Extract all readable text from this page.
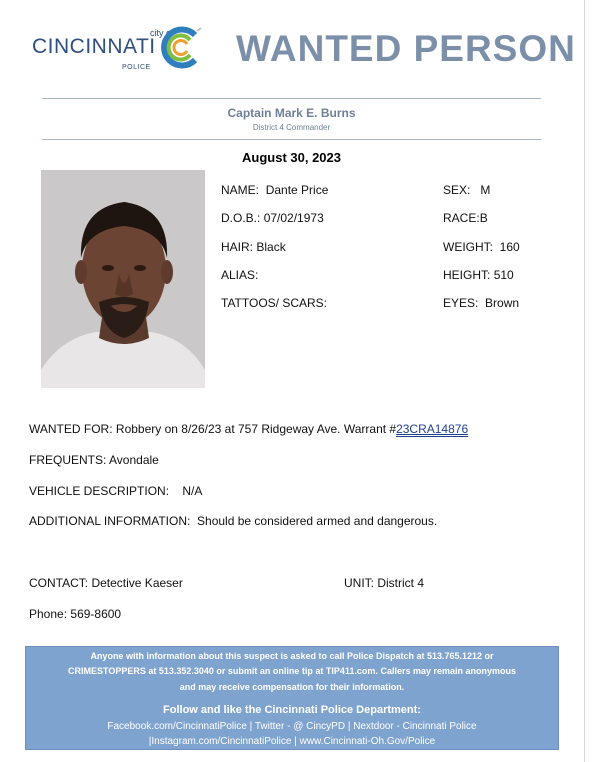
city of
CINCINNATI
POLICE WANTED PERSON
Captain Mark E. Burns
District 4 Commander
August 30, 2023
NAME: Dante Price
D.O.B.: 07/02/1973
HAIR: Black
ALIAS:
TATTOOS/ SCARS:
SEX: M
RACE:B
WEIGHT: 160
HEIGHT: 510
EYES: Brown
WANTED FOR: Robbery on 8/26/23 at 757 Ridgeway Ave. Warrant #23CRA14876
FREQUENTS: Avondale
VEHICLE DESCRIPTION: N/A
ADDITIONAL INFORMATION: Should be considered armed and dangerous.
CONTACT: Detective Kaeser	UNIT: District 4
Phone: 569-8600
Anyone with information about this suspect is asked to call Police Dispatch at 513.765.1212 or
CRIMESTOPPERS at 513.352.3040 or submit an online tip at TIP411.com. Callers may remain anonymous
and may receive compensation for their information.
Follow and like the Cincinnati Police Department:
Facebook.com/CincinnatiPolice | Twitter - @ CincyPD | Nextdoor - Cincinnati Police
|Instagram.com/CincinnatiPolice | www.Cincinnati-Oh.Gov/Police
